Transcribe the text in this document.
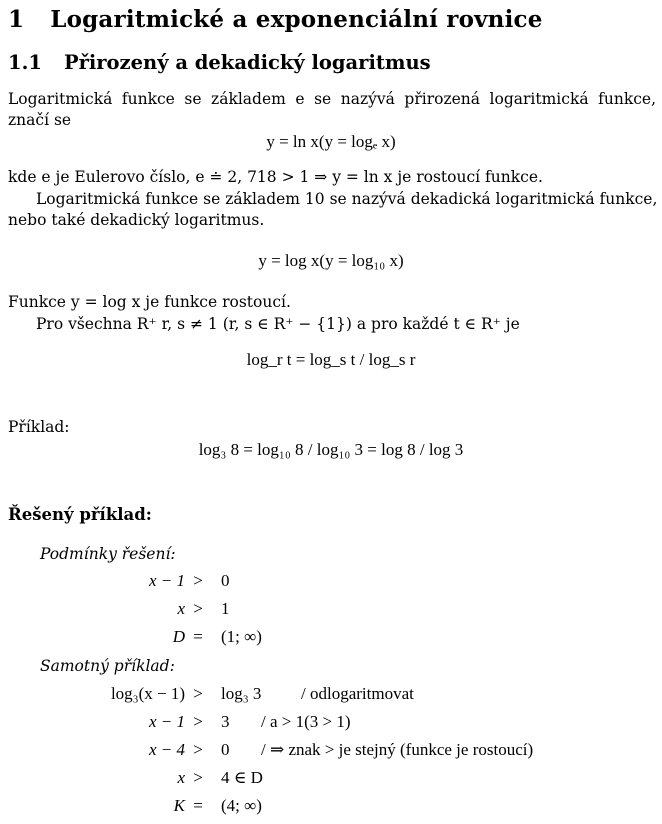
1 Logaritmické a exponenciální rovnice
1.1 Přirozený a dekadický logaritmus
Logaritmická funkce se základem e se nazývá přirozená logaritmická funkce,
značí se
y = ln x(y = logₑ x)
kde e je Eulerovo číslo, e ≐ 2, 718 > 1 ⇒ y = ln x je rostoucí funkce.
Logaritmická funkce se základem 10 se nazývá dekadická logaritmická funkce,
nebo také dekadický logaritmus.
y = log x(y = log₁₀ x)
Funkce y = log x je funkce rostoucí.
Pro všechna R⁺ r, s ≠ 1 (r, s ∈ R⁺ − {1}) a pro každé t ∈ R⁺ je
log_r t = log_s t / log_s r
Příklad:
log₃ 8 = log₁₀ 8 / log₁₀ 3 = log 8 / log 3
Řešený příklad:
Podmínky řešení:
x − 1 >	0
x >	1
D =	(1; ∞)
Samotný příklad:
log₃(x − 1) >	log₃ 3	/ odlogaritmovat
x − 1 >	3	/ a > 1(3 > 1)
x − 4 >	0	/ ⇒ znak > je stejný (funkce je rostoucí)
x >	4 ∈ D
K =	(4; ∞)
